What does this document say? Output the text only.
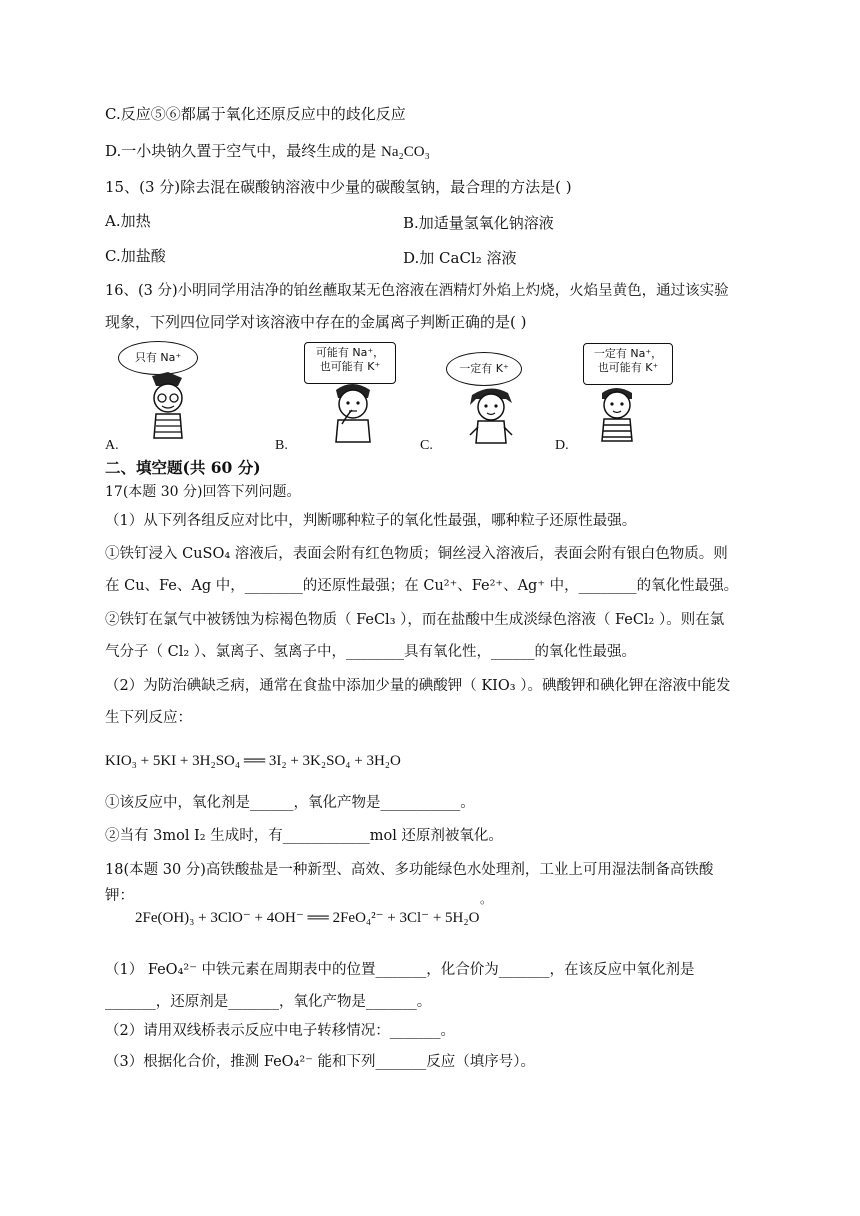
C.反应⑤⑥都属于氧化还原反应中的歧化反应
D.一小块钠久置于空气中，最终生成的是 Na₂CO₃
15、(3 分)除去混在碳酸钠溶液中少量的碳酸氢钠，最合理的方法是( )
A.加热	B.加适量氢氧化钠溶液
C.加盐酸	D.加 CaCl₂ 溶液
16、(3 分)小明同学用洁净的铂丝蘸取某无色溶液在酒精灯外焰上灼烧，火焰呈黄色，通过该实验
现象，下列四位同学对该溶液中存在的金属离子判断正确的是( )
只有 Na⁺
A.
可能有 Na⁺，
也可能有 K⁺
B.
一定有 K⁺
C.
一定有 Na⁺，
也可能有 K⁺
D.
二、填空题(共 60 分)
17(本题 30 分)回答下列问题。
（1）从下列各组反应对比中，判断哪种粒子的氧化性最强，哪种粒子还原性最强。
①铁钉浸入 CuSO₄ 溶液后，表面会附有红色物质；铜丝浸入溶液后，表面会附有银白色物质。则
在 Cu、Fe、Ag 中，________的还原性最强；在 Cu²⁺、Fe²⁺、Ag⁺ 中，________的氧化性最强。
②铁钉在氯气中被锈蚀为棕褐色物质（ FeCl₃ ），而在盐酸中生成淡绿色溶液（ FeCl₂ ）。则在氯
气分子（ Cl₂ ）、氯离子、氢离子中，________具有氧化性，______的氧化性最强。
（2）为防治碘缺乏病，通常在食盐中添加少量的碘酸钾（ KIO₃ ）。碘酸钾和碘化钾在溶液中能发
生下列反应：
KIO₃ + 5KI + 3H₂SO₄ ══ 3I₂ + 3K₂SO₄ + 3H₂O
①该反应中，氧化剂是______，氧化产物是___________。
②当有 3mol I₂ 生成时，有____________mol 还原剂被氧化。
18(本题 30 分)高铁酸盐是一种新型、高效、多功能绿色水处理剂，工业上可用湿法制备高铁酸
钾：	。
2Fe(OH)₃ + 3ClO⁻ + 4OH⁻ ══ 2FeO₄²⁻ + 3Cl⁻ + 5H₂O
（1） FeO₄²⁻ 中铁元素在周期表中的位置_______，化合价为_______，在该反应中氧化剂是
_______，还原剂是_______，氧化产物是_______。
（2）请用双线桥表示反应中电子转移情况：_______。
（3）根据化合价，推测 FeO₄²⁻ 能和下列_______反应（填序号）。
